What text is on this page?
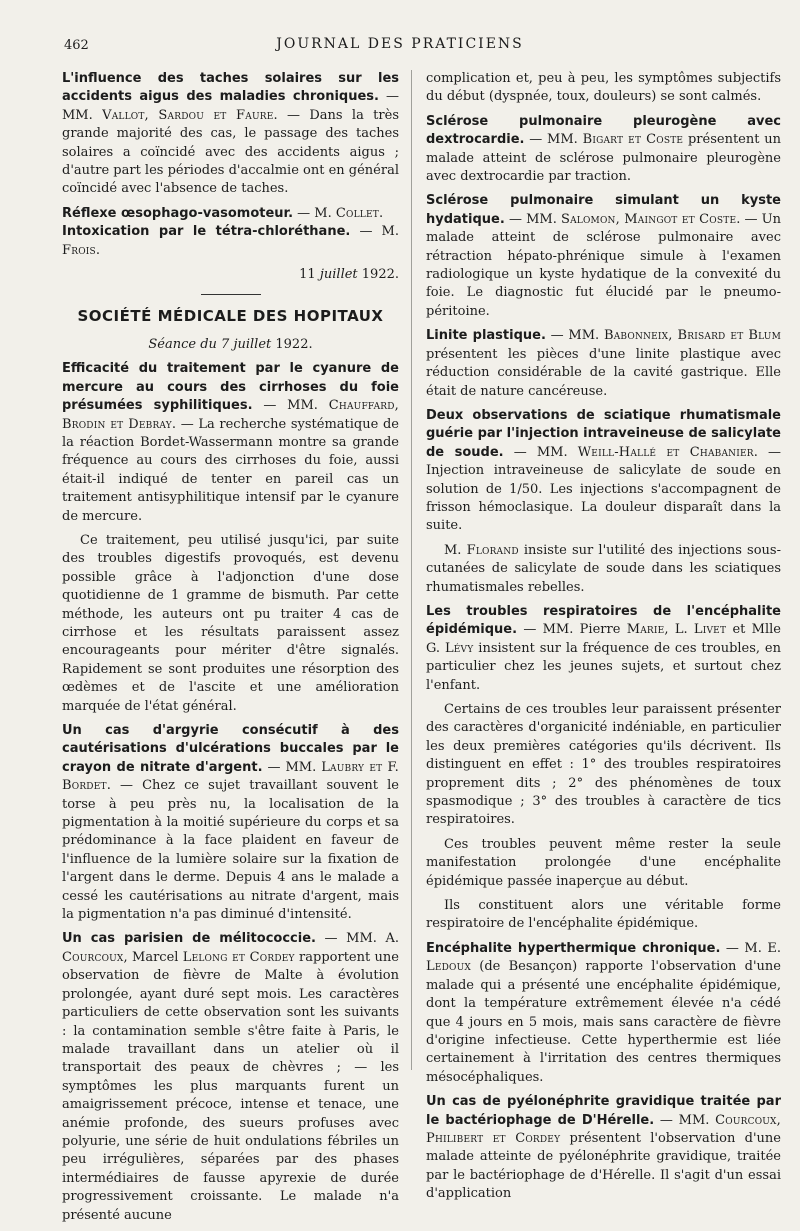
462	JOURNAL DES PRATICIENS

L'influence des taches solaires sur les accidents aigus des maladies chroniques. — MM. Vallot, Sardou et Faure. — Dans la très grande majorité des cas, le passage des taches solaires a coïncidé avec des accidents aigus ; d'autre part les périodes d'accalmie ont en général coïncidé avec l'absence de taches.

Réflexe œsophago-vasomoteur. — M. Collet.
Intoxication par le tétra-chloréthane. — M. Frois.

11 juillet 1922.

SOCIÉTÉ MÉDICALE DES HOPITAUX
Séance du 7 juillet 1922.

Efficacité du traitement par le cyanure de mercure au cours des cirrhoses du foie présumées syphilitiques. — MM. Chauffard, Brodin et Debray. — La recherche systématique de la réaction Bordet-Wassermann montre sa grande fréquence au cours des cirrhoses du foie, aussi était-il indiqué de tenter en pareil cas un traitement antisyphilitique intensif par le cyanure de mercure.

Ce traitement, peu utilisé jusqu'ici, par suite des troubles digestifs provoqués, est devenu possible grâce à l'adjonction d'une dose quotidienne de 1 gramme de bismuth. Par cette méthode, les auteurs ont pu traiter 4 cas de cirrhose et les résultats paraissent assez encourageants pour mériter d'être signalés. Rapidement se sont produites une résorption des œdèmes et de l'ascite et une amélioration marquée de l'état général.

Un cas d'argyrie consécutif à des cautérisations d'ulcérations buccales par le crayon de nitrate d'argent. — MM. Laubry et F. Bordet. — Chez ce sujet travaillant souvent le torse à peu près nu, la localisation de la pigmentation à la moitié supérieure du corps et sa prédominance à la face plaident en faveur de l'influence de la lumière solaire sur la fixation de l'argent dans le derme. Depuis 4 ans le malade a cessé les cautérisations au nitrate d'argent, mais la pigmentation n'a pas diminué d'intensité.

Un cas parisien de mélitococcie. — MM. A. Courcoux, Marcel Lelong et Cordey rapportent une observation de fièvre de Malte à évolution prolongée, ayant duré sept mois. Les caractères particuliers de cette observation sont les suivants : la contamination semble s'être faite à Paris, le malade travaillant dans un atelier où il transportait des peaux de chèvres ; — les symptômes les plus marquants furent un amaigrissement précoce, intense et tenace, une anémie profonde, des sueurs profuses avec polyurie, une série de huit ondulations fébriles un peu irrégulières, séparées par des phases intermédiaires de fausse apyrexie de durée progressivement croissante. Le malade n'a présenté aucune

complication et, peu à peu, les symptômes subjectifs du début (dyspnée, toux, douleurs) se sont calmés.

Sclérose pulmonaire pleurogène avec dextrocardie. — MM. Bigart et Coste présentent un malade atteint de sclérose pulmonaire pleurogène avec dextrocardie par traction.

Sclérose pulmonaire simulant un kyste hydatique. — MM. Salomon, Maingot et Coste. — Un malade atteint de sclérose pulmonaire avec rétraction hépato-phrénique simule à l'examen radiologique un kyste hydatique de la convexité du foie. Le diagnostic fut élucidé par le pneumo-péritoine.

Linite plastique. — MM. Babonneix, Brisard et Blum présentent les pièces d'une linite plastique avec réduction considérable de la cavité gastrique. Elle était de nature cancéreuse.

Deux observations de sciatique rhumatismale guérie par l'injection intraveineuse de salicylate de soude. — MM. Weill-Hallé et Chabanier. — Injection intraveineuse de salicylate de soude en solution de 1/50. Les injections s'accompagnent de frisson hémoclasique. La douleur disparaît dans la suite.

M. Florand insiste sur l'utilité des injections sous-cutanées de salicylate de soude dans les sciatiques rhumatismales rebelles.

Les troubles respiratoires de l'encéphalite épidémique. — MM. Pierre Marie, L. Livet et Mlle G. Lévy insistent sur la fréquence de ces troubles, en particulier chez les jeunes sujets, et surtout chez l'enfant.

Certains de ces troubles leur paraissent présenter des caractères d'organicité indéniable, en particulier les deux premières catégories qu'ils décrivent. Ils distinguent en effet : 1° des troubles respiratoires proprement dits ; 2° des phénomènes de toux spasmodique ; 3° des troubles à caractère de tics respiratoires.

Ces troubles peuvent même rester la seule manifestation prolongée d'une encéphalite épidémique passée inaperçue au début.

Ils constituent alors une véritable forme respiratoire de l'encéphalite épidémique.

Encéphalite hyperthermique chronique. — M. E. Ledoux (de Besançon) rapporte l'observation d'une malade qui a présenté une encéphalite épidémique, dont la température extrêmement élevée n'a cédé que 4 jours en 5 mois, mais sans caractère de fièvre d'origine infectieuse. Cette hyperthermie est liée certainement à l'irritation des centres thermiques mésocéphaliques.

Un cas de pyélonéphrite gravidique traitée par le bactériophage de D'Hérelle. — MM. Courcoux, Philibert et Cordey présentent l'observation d'une malade atteinte de pyélonéphrite gravidique, traitée par le bactériophage de d'Hérelle. Il s'agit d'un essai d'application
